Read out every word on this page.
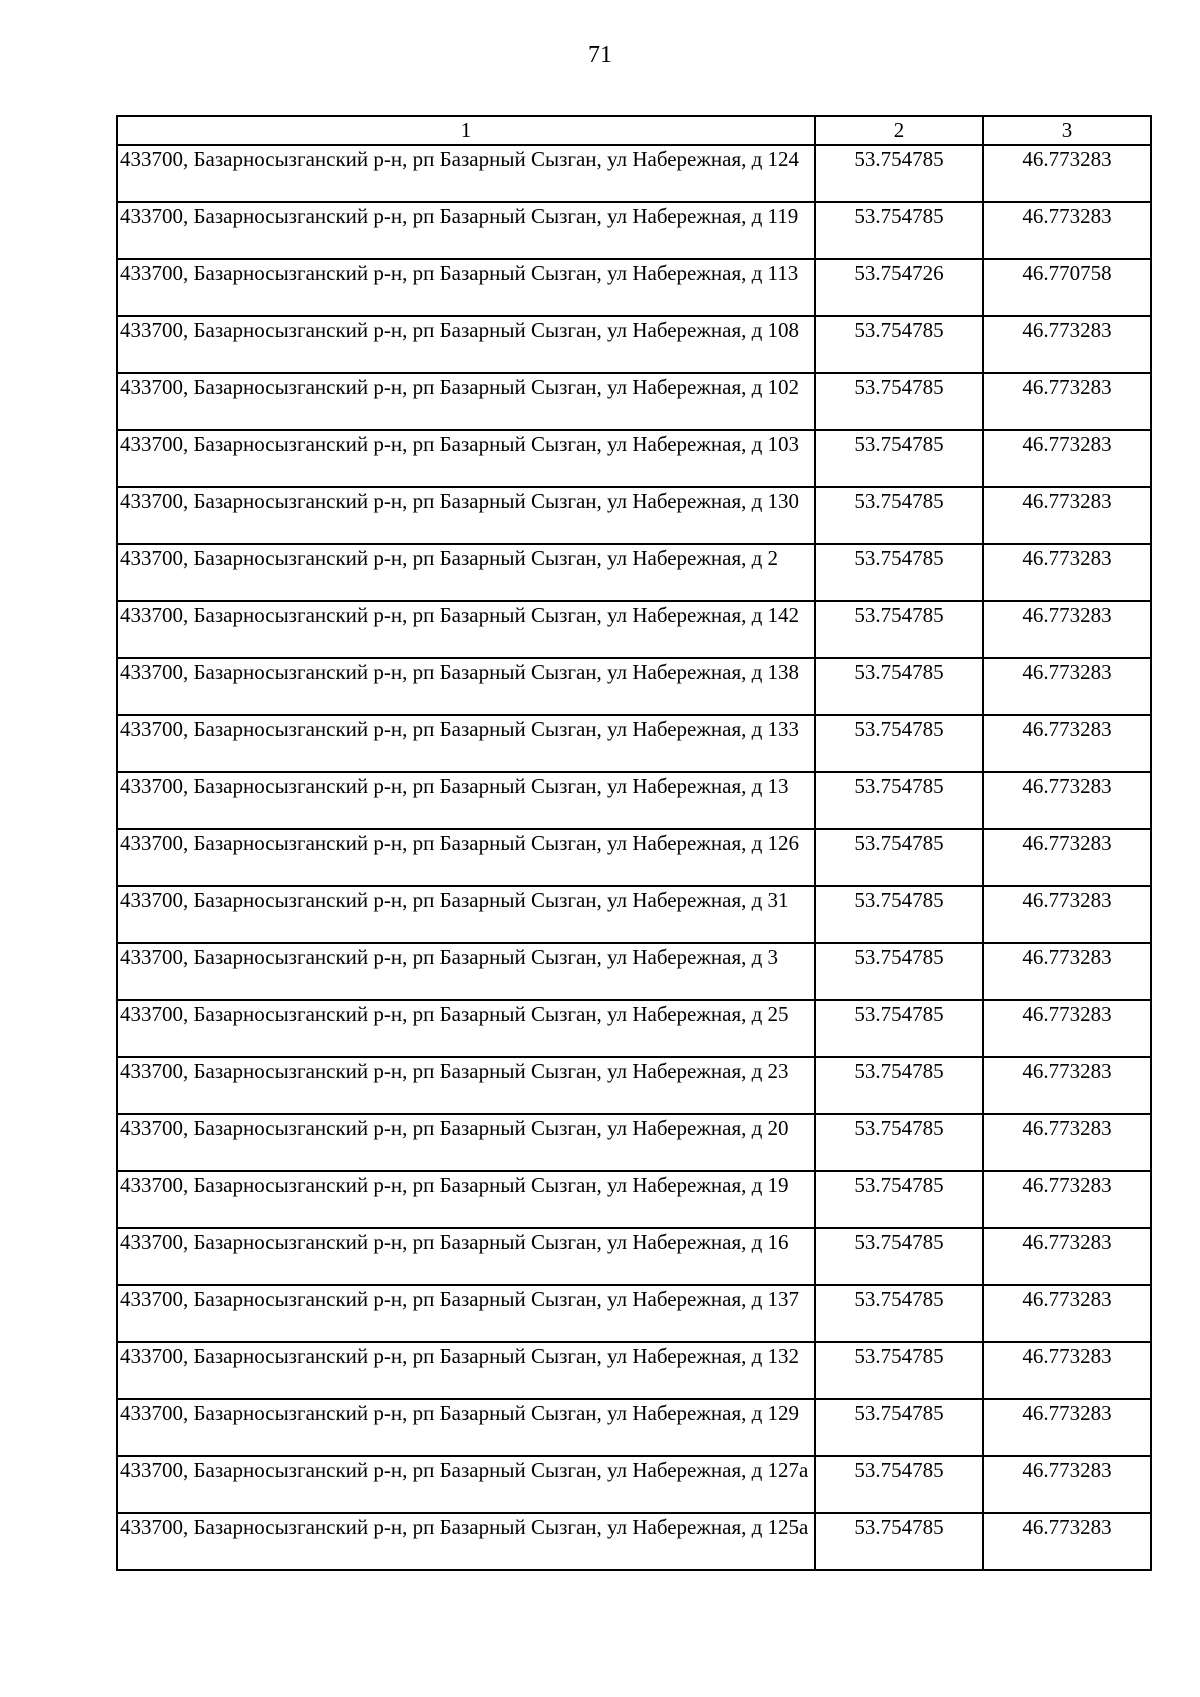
71
1	2	3
433700, Базарносызганский р-н, рп Базарный Сызган, ул Набережная, д 124	53.754785	46.773283
433700, Базарносызганский р-н, рп Базарный Сызган, ул Набережная, д 119	53.754785	46.773283
433700, Базарносызганский р-н, рп Базарный Сызган, ул Набережная, д 113	53.754726	46.770758
433700, Базарносызганский р-н, рп Базарный Сызган, ул Набережная, д 108	53.754785	46.773283
433700, Базарносызганский р-н, рп Базарный Сызган, ул Набережная, д 102	53.754785	46.773283
433700, Базарносызганский р-н, рп Базарный Сызган, ул Набережная, д 103	53.754785	46.773283
433700, Базарносызганский р-н, рп Базарный Сызган, ул Набережная, д 130	53.754785	46.773283
433700, Базарносызганский р-н, рп Базарный Сызган, ул Набережная, д 2	53.754785	46.773283
433700, Базарносызганский р-н, рп Базарный Сызган, ул Набережная, д 142	53.754785	46.773283
433700, Базарносызганский р-н, рп Базарный Сызган, ул Набережная, д 138	53.754785	46.773283
433700, Базарносызганский р-н, рп Базарный Сызган, ул Набережная, д 133	53.754785	46.773283
433700, Базарносызганский р-н, рп Базарный Сызган, ул Набережная, д 13	53.754785	46.773283
433700, Базарносызганский р-н, рп Базарный Сызган, ул Набережная, д 126	53.754785	46.773283
433700, Базарносызганский р-н, рп Базарный Сызган, ул Набережная, д 31	53.754785	46.773283
433700, Базарносызганский р-н, рп Базарный Сызган, ул Набережная, д 3	53.754785	46.773283
433700, Базарносызганский р-н, рп Базарный Сызган, ул Набережная, д 25	53.754785	46.773283
433700, Базарносызганский р-н, рп Базарный Сызган, ул Набережная, д 23	53.754785	46.773283
433700, Базарносызганский р-н, рп Базарный Сызган, ул Набережная, д 20	53.754785	46.773283
433700, Базарносызганский р-н, рп Базарный Сызган, ул Набережная, д 19	53.754785	46.773283
433700, Базарносызганский р-н, рп Базарный Сызган, ул Набережная, д 16	53.754785	46.773283
433700, Базарносызганский р-н, рп Базарный Сызган, ул Набережная, д 137	53.754785	46.773283
433700, Базарносызганский р-н, рп Базарный Сызган, ул Набережная, д 132	53.754785	46.773283
433700, Базарносызганский р-н, рп Базарный Сызган, ул Набережная, д 129	53.754785	46.773283
433700, Базарносызганский р-н, рп Базарный Сызган, ул Набережная, д 127а	53.754785	46.773283
433700, Базарносызганский р-н, рп Базарный Сызган, ул Набережная, д 125а	53.754785	46.773283
